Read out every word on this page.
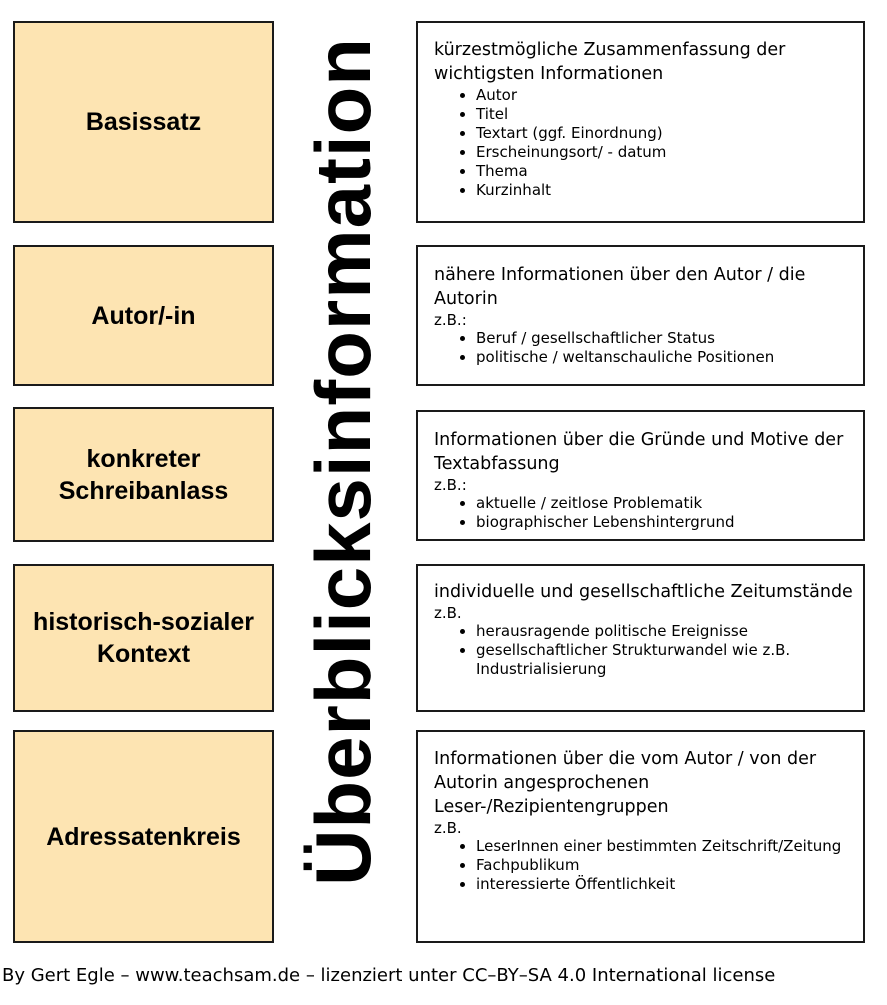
Basissatz
Autor/-in
konkreter Schreibanlass
historisch-sozialer Kontext
Adressatenkreis Überblicksinformation	kürzestmögliche Zusammenfassung der wichtigsten Informationen
• Autor
• Titel
• Textart (ggf. Einordnung)
• Erscheinungsort/ - datum
• Thema
• Kurzinhalt
nähere Informationen über den Autor / die Autorin
z.B.:
• Beruf / gesellschaftlicher Status
• politische / weltanschauliche Positionen
Informationen über die Gründe und Motive der Textabfassung
z.B.:
• aktuelle / zeitlose Problematik
• biographischer Lebenshintergrund
individuelle und gesellschaftliche Zeitumstände
z.B.
• herausragende politische Ereignisse
• gesellschaftlicher Strukturwandel wie z.B. Industrialisierung
Informationen über die vom Autor / von der Autorin angesprochenen Leser-/Rezipientengruppen
z.B.
• LeserInnen einer bestimmten Zeitschrift/Zeitung
• Fachpublikum
• interessierte Öffentlichkeit
By Gert Egle – www.teachsam.de – lizenziert unter CC–BY–SA 4.0 International license
